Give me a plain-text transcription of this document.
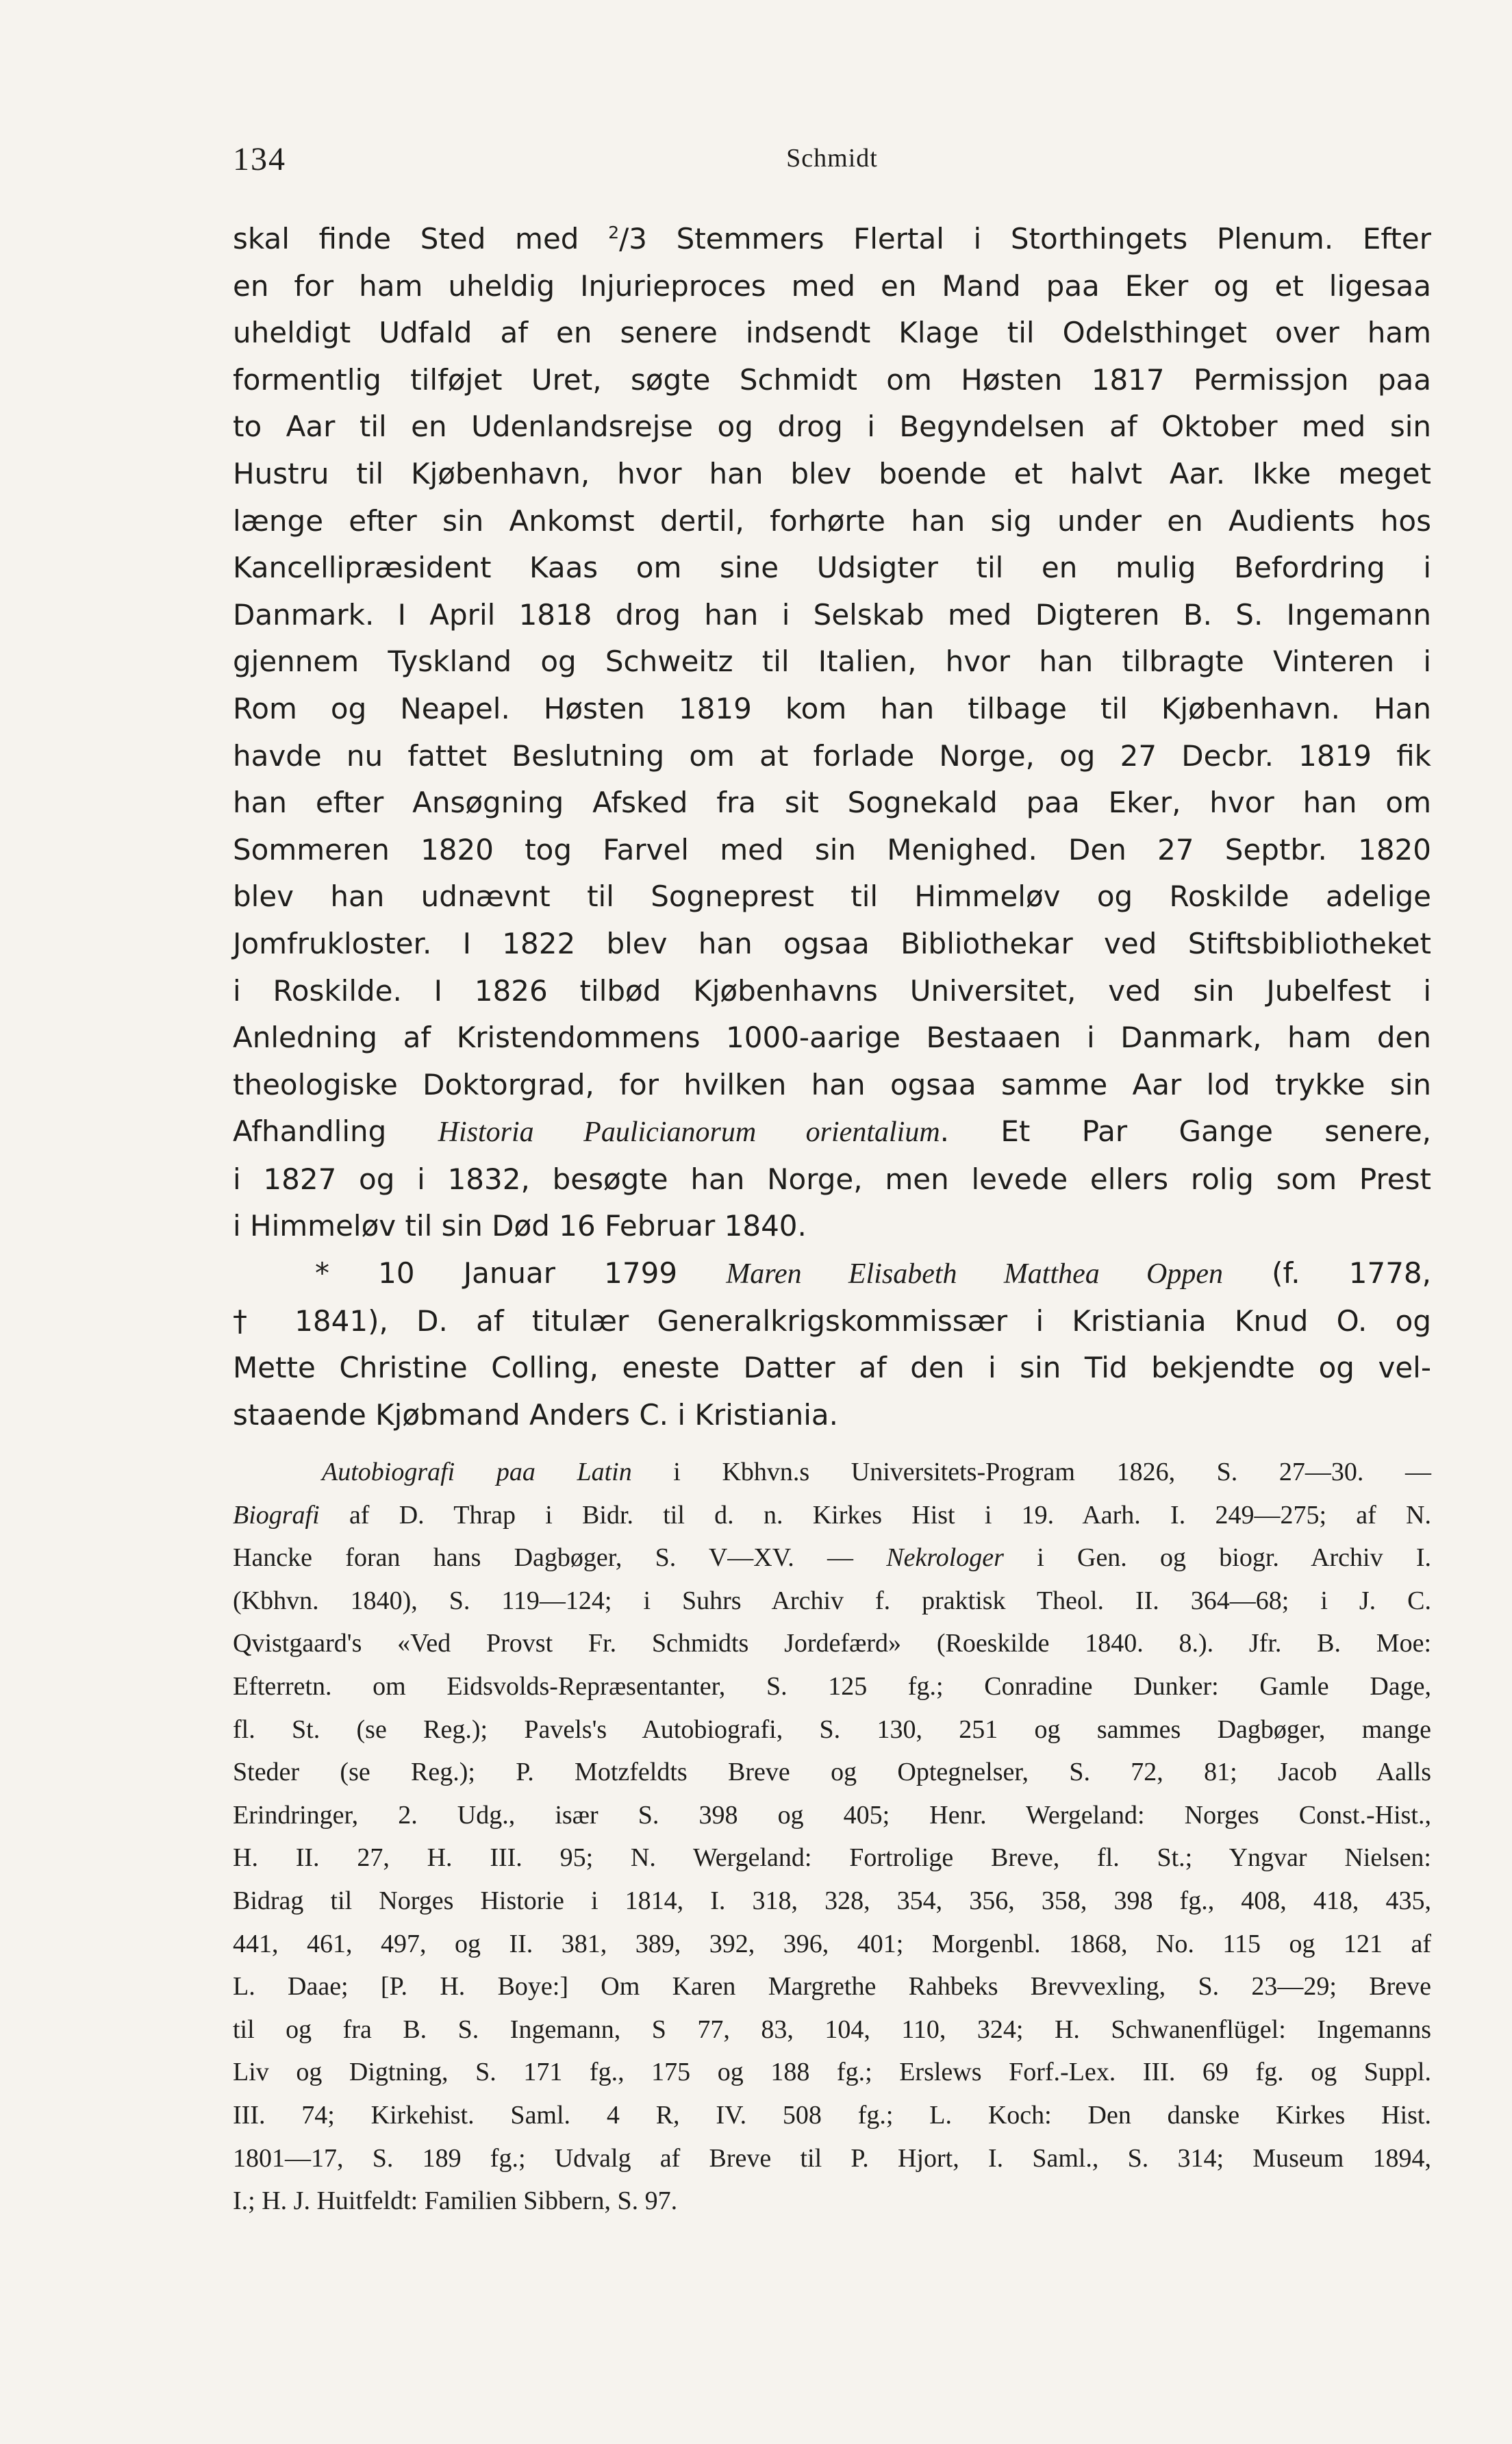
134	Schmidt
skal finde Sted med $^2$/3 Stemmers Flertal i Storthingets Plenum. Efter
en for ham uheldig Injurieproces med en Mand paa Eker og et ligesaa
uheldigt Udfald af en senere indsendt Klage til Odelsthinget over ham
formentlig tilføjet Uret, søgte Schmidt om Høsten 1817 Permissjon paa
to Aar til en Udenlandsrejse og drog i Begyndelsen af Oktober med sin
Hustru til Kjøbenhavn, hvor han blev boende et halvt Aar. Ikke meget
længe efter sin Ankomst dertil, forhørte han sig under en Audients hos
Kancellipræsident Kaas om sine Udsigter til en mulig Befordring i
Danmark. I April 1818 drog han i Selskab med Digteren B. S. Ingemann
gjennem Tyskland og Schweitz til Italien, hvor han tilbragte Vinteren i
Rom og Neapel. Høsten 1819 kom han tilbage til Kjøbenhavn. Han
havde nu fattet Beslutning om at forlade Norge, og 27 Decbr. 1819 fik
han efter Ansøgning Afsked fra sit Sognekald paa Eker, hvor han om
Sommeren 1820 tog Farvel med sin Menighed. Den 27 Septbr. 1820
blev han udnævnt til Sogneprest til Himmeløv og Roskilde adelige
Jomfrukloster. I 1822 blev han ogsaa Bibliothekar ved Stiftsbibliotheket
i Roskilde. I 1826 tilbød Kjøbenhavns Universitet, ved sin Jubelfest i
Anledning af Kristendommens 1000-aarige Bestaaen i Danmark, ham den
theologiske Doktorgrad, for hvilken han ogsaa samme Aar lod trykke sin
Afhandling Historia Paulicianorum orientalium. Et Par Gange senere,
i 1827 og i 1832, besøgte han Norge, men levede ellers rolig som Prest
i Himmeløv til sin Død 16 Februar 1840.
* 10 Januar 1799 Maren Elisabeth Matthea Oppen (f. 1778,
† 1841), D. af titulær Generalkrigskommissær i Kristiania Knud O. og
Mette Christine Colling, eneste Datter af den i sin Tid bekjendte og vel-
staaende Kjøbmand Anders C. i Kristiania.
Autobiografi paa Latin i Kbhvn.s Universitets-Program 1826, S. 27—30. —
Biografi af D. Thrap i Bidr. til d. n. Kirkes Hist i 19. Aarh. I. 249—275; af N.
Hancke foran hans Dagbøger, S. V—XV. — Nekrologer i Gen. og biogr. Archiv I.
(Kbhvn. 1840), S. 119—124; i Suhrs Archiv f. praktisk Theol. II. 364—68; i J. C.
Qvistgaard's «Ved Provst Fr. Schmidts Jordefærd» (Roeskilde 1840. 8.). Jfr. B. Moe:
Efterretn. om Eidsvolds-Repræsentanter, S. 125 fg.; Conradine Dunker: Gamle Dage,
fl. St. (se Reg.); Pavels's Autobiografi, S. 130, 251 og sammes Dagbøger, mange
Steder (se Reg.); P. Motzfeldts Breve og Optegnelser, S. 72, 81; Jacob Aalls
Erindringer, 2. Udg., især S. 398 og 405; Henr. Wergeland: Norges Const.-Hist.,
H. II. 27, H. III. 95; N. Wergeland: Fortrolige Breve, fl. St.; Yngvar Nielsen:
Bidrag til Norges Historie i 1814, I. 318, 328, 354, 356, 358, 398 fg., 408, 418, 435,
441, 461, 497, og II. 381, 389, 392, 396, 401; Morgenbl. 1868, No. 115 og 121 af
L. Daae; [P. H. Boye:] Om Karen Margrethe Rahbeks Brevvexling, S. 23—29; Breve
til og fra B. S. Ingemann, S 77, 83, 104, 110, 324; H. Schwanenflügel: Ingemanns
Liv og Digtning, S. 171 fg., 175 og 188 fg.; Erslews Forf.-Lex. III. 69 fg. og Suppl.
III. 74; Kirkehist. Saml. 4 R, IV. 508 fg.; L. Koch: Den danske Kirkes Hist.
1801—17, S. 189 fg.; Udvalg af Breve til P. Hjort, I. Saml., S. 314; Museum 1894,
I.; H. J. Huitfeldt: Familien Sibbern, S. 97.
